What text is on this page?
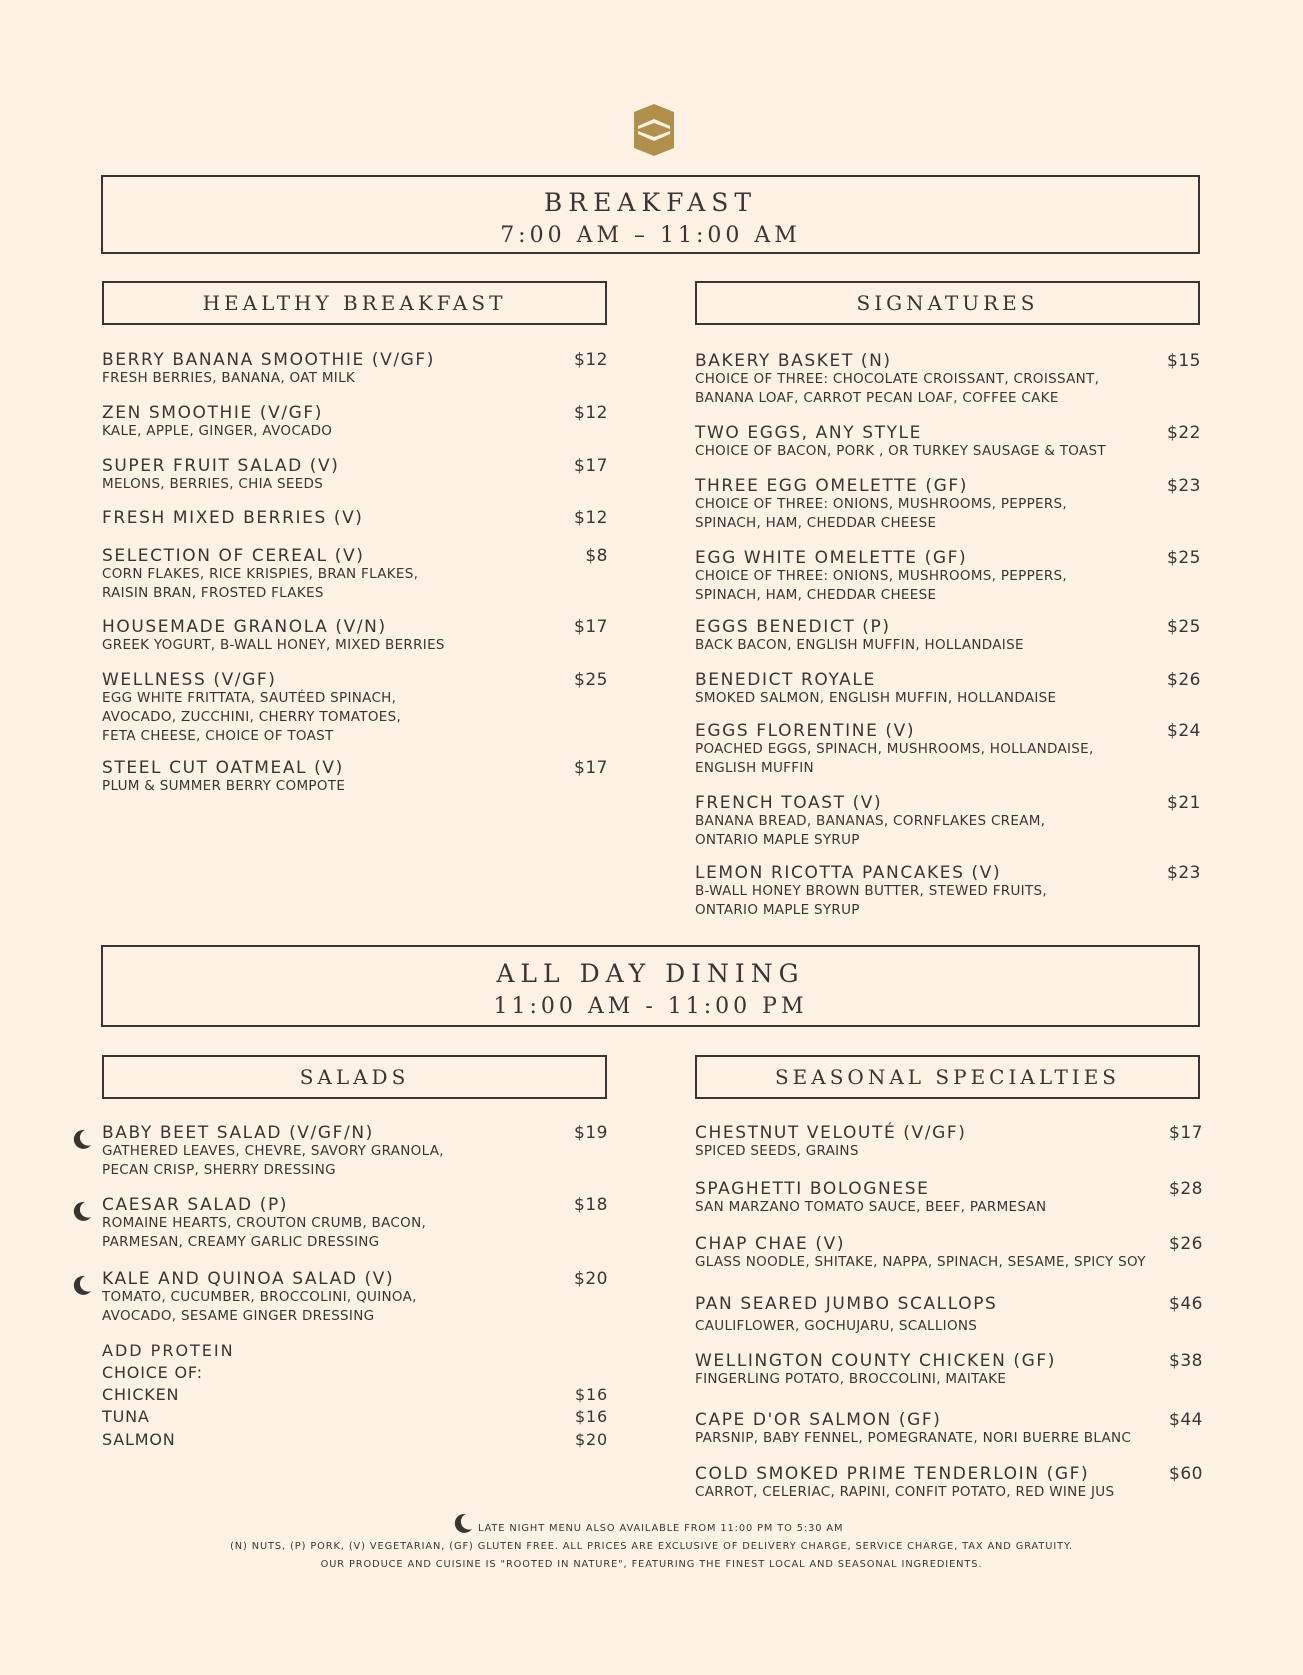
BREAKFAST
7:00 AM – 11:00 AM
HEALTHY BREAKFAST	SIGNATURES
BERRY BANANA SMOOTHIE (V/GF)	$12
FRESH BERRIES, BANANA, OAT MILK
ZEN SMOOTHIE (V/GF)	$12
KALE, APPLE, GINGER, AVOCADO
SUPER FRUIT SALAD (V)	$17
MELONS, BERRIES, CHIA SEEDS
FRESH MIXED BERRIES (V)	$12
SELECTION OF CEREAL (V)	$8
CORN FLAKES, RICE KRISPIES, BRAN FLAKES,
RAISIN BRAN, FROSTED FLAKES
HOUSEMADE GRANOLA (V/N)	$17
GREEK YOGURT, B-WALL HONEY, MIXED BERRIES
WELLNESS (V/GF)	$25
EGG WHITE FRITTATA, SAUTÉED SPINACH,
AVOCADO, ZUCCHINI, CHERRY TOMATOES,
FETA CHEESE, CHOICE OF TOAST
STEEL CUT OATMEAL (V)	$17
PLUM & SUMMER BERRY COMPOTE
BAKERY BASKET (N)	$15
CHOICE OF THREE: CHOCOLATE CROISSANT, CROISSANT,
BANANA LOAF, CARROT PECAN LOAF, COFFEE CAKE
TWO EGGS, ANY STYLE	$22
CHOICE OF BACON, PORK , OR TURKEY SAUSAGE & TOAST
THREE EGG OMELETTE (GF)	$23
CHOICE OF THREE: ONIONS, MUSHROOMS, PEPPERS,
SPINACH, HAM, CHEDDAR CHEESE
EGG WHITE OMELETTE (GF)	$25
CHOICE OF THREE: ONIONS, MUSHROOMS, PEPPERS,
SPINACH, HAM, CHEDDAR CHEESE
EGGS BENEDICT (P)	$25
BACK BACON, ENGLISH MUFFIN, HOLLANDAISE
BENEDICT ROYALE	$26
SMOKED SALMON, ENGLISH MUFFIN, HOLLANDAISE
EGGS FLORENTINE (V)	$24
POACHED EGGS, SPINACH, MUSHROOMS, HOLLANDAISE,
ENGLISH MUFFIN
FRENCH TOAST (V)	$21
BANANA BREAD, BANANAS, CORNFLAKES CREAM,
ONTARIO MAPLE SYRUP
LEMON RICOTTA PANCAKES (V)	$23
B-WALL HONEY BROWN BUTTER, STEWED FRUITS,
ONTARIO MAPLE SYRUP
ALL DAY DINING
11:00 AM - 11:00 PM
SALADS	SEASONAL SPECIALTIES
BABY BEET SALAD (V/GF/N)	$19
GATHERED LEAVES, CHEVRE, SAVORY GRANOLA,
PECAN CRISP, SHERRY DRESSING
CAESAR SALAD (P)	$18
ROMAINE HEARTS, CROUTON CRUMB, BACON,
PARMESAN, CREAMY GARLIC DRESSING
KALE AND QUINOA SALAD (V)	$20
TOMATO, CUCUMBER, BROCCOLINI, QUINOA,
AVOCADO, SESAME GINGER DRESSING
CHESTNUT VELOUTÉ (V/GF)	$17
SPICED SEEDS, GRAINS
SPAGHETTI BOLOGNESE	$28
SAN MARZANO TOMATO SAUCE, BEEF, PARMESAN
CHAP CHAE (V)	$26
GLASS NOODLE, SHITAKE, NAPPA, SPINACH, SESAME, SPICY SOY
PAN SEARED JUMBO SCALLOPS	$46
CAULIFLOWER, GOCHUJARU, SCALLIONS
WELLINGTON COUNTY CHICKEN (GF)	$38
FINGERLING POTATO, BROCCOLINI, MAITAKE
CAPE D'OR SALMON (GF)	$44
PARSNIP, BABY FENNEL, POMEGRANATE, NORI BUERRE BLANC
COLD SMOKED PRIME TENDERLOIN (GF)	$60
CARROT, CELERIAC, RAPINI, CONFIT POTATO, RED WINE JUS
ADD PROTEIN
CHOICE OF:
CHICKEN	$16
TUNA	$16
SALMON	$20
LATE NIGHT MENU ALSO AVAILABLE FROM 11:00 PM TO 5:30 AM
(N) NUTS, (P) PORK, (V) VEGETARIAN, (GF) GLUTEN FREE. ALL PRICES ARE EXCLUSIVE OF DELIVERY CHARGE, SERVICE CHARGE, TAX AND GRATUITY.
OUR PRODUCE AND CUISINE IS "ROOTED IN NATURE", FEATURING THE FINEST LOCAL AND SEASONAL INGREDIENTS.
